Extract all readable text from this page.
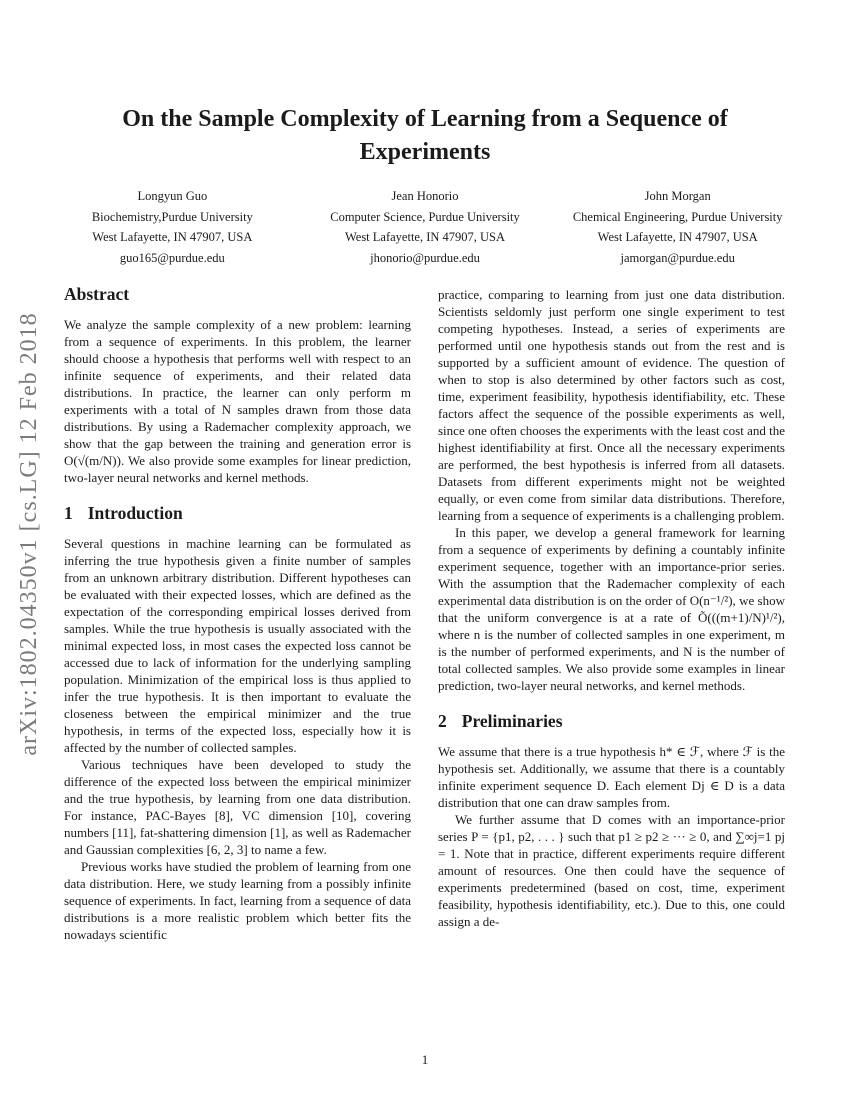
arXiv:1802.04350v1 [cs.LG] 12 Feb 2018
On the Sample Complexity of Learning from a Sequence of Experiments
Longyun Guo
Biochemistry,Purdue University
West Lafayette, IN 47907, USA
guo165@purdue.edu
Jean Honorio
Computer Science, Purdue University
West Lafayette, IN 47907, USA
jhonorio@purdue.edu
John Morgan
Chemical Engineering, Purdue University
West Lafayette, IN 47907, USA
jamorgan@purdue.edu
Abstract

We analyze the sample complexity of a new problem: learning from a sequence of experiments. In this problem, the learner should choose a hypothesis that performs well with respect to an infinite sequence of experiments, and their related data distributions. In practice, the learner can only perform m experiments with a total of N samples drawn from those data distributions. By using a Rademacher complexity approach, we show that the gap between the training and generation error is O(√(m/N)). We also provide some examples for linear prediction, two-layer neural networks and kernel methods.

1 Introduction

Several questions in machine learning can be formulated as inferring the true hypothesis given a finite number of samples from an unknown arbitrary distribution. Different hypotheses can be evaluated with their expected losses, which are defined as the expectation of the corresponding empirical losses derived from samples. While the true hypothesis is usually associated with the minimal expected loss, in most cases the expected loss cannot be accessed due to lack of information for the underlying sampling population. Minimization of the empirical loss is thus applied to infer the true hypothesis. It is then important to evaluate the closeness between the empirical minimizer and the true hypothesis, in terms of the expected loss, especially how it is affected by the number of collected samples.

Various techniques have been developed to study the difference of the expected loss between the empirical minimizer and the true hypothesis, by learning from one data distribution. For instance, PAC-Bayes [8], VC dimension [10], covering numbers [11], fat-shattering dimension [1], as well as Rademacher and Gaussian complexities [6, 2, 3] to name a few.

Previous works have studied the problem of learning from one data distribution. Here, we study learning from a possibly infinite sequence of experiments. In fact, learning from a sequence of data distributions is a more realistic problem which better fits the nowadays scientific

practice, comparing to learning from just one data distribution. Scientists seldomly just perform one single experiment to test competing hypotheses. Instead, a series of experiments are performed until one hypothesis stands out from the rest and is supported by a sufficient amount of evidence. The question of when to stop is also determined by other factors such as cost, time, experiment feasibility, hypothesis identifiability, etc. These factors affect the sequence of the possible experiments as well, since one often chooses the experiments with the least cost and the highest identifiability at first. Once all the necessary experiments are performed, the best hypothesis is inferred from all datasets. Datasets from different experiments might not be weighted equally, or even come from similar data distributions. Therefore, learning from a sequence of experiments is a challenging problem.

In this paper, we develop a general framework for learning from a sequence of experiments by defining a countably infinite experiment sequence, together with an importance-prior series. With the assumption that the Rademacher complexity of each experimental data distribution is on the order of O(n⁻¹/²), we show that the uniform convergence is at a rate of Õ(((m+1)/N)¹/²), where n is the number of collected samples in one experiment, m is the number of performed experiments, and N is the number of total collected samples. We also provide some examples in linear prediction, two-layer neural networks, and kernel methods.

2 Preliminaries

We assume that there is a true hypothesis h* ∈ ℱ, where ℱ is the hypothesis set. Additionally, we assume that there is a countably infinite experiment sequence D. Each element Dj ∈ D is a data distribution that one can draw samples from.

We further assume that D comes with an importance-prior series P = {p1, p2, . . . } such that p1 ≥ p2 ≥ ··· ≥ 0, and ∑∞j=1 pj = 1. Note that in practice, different experiments require different amount of resources. One then could have the sequence of experiments predetermined (based on cost, time, experiment feasibility, hypothesis identifiability, etc.). Due to this, one could assign a de-

1
